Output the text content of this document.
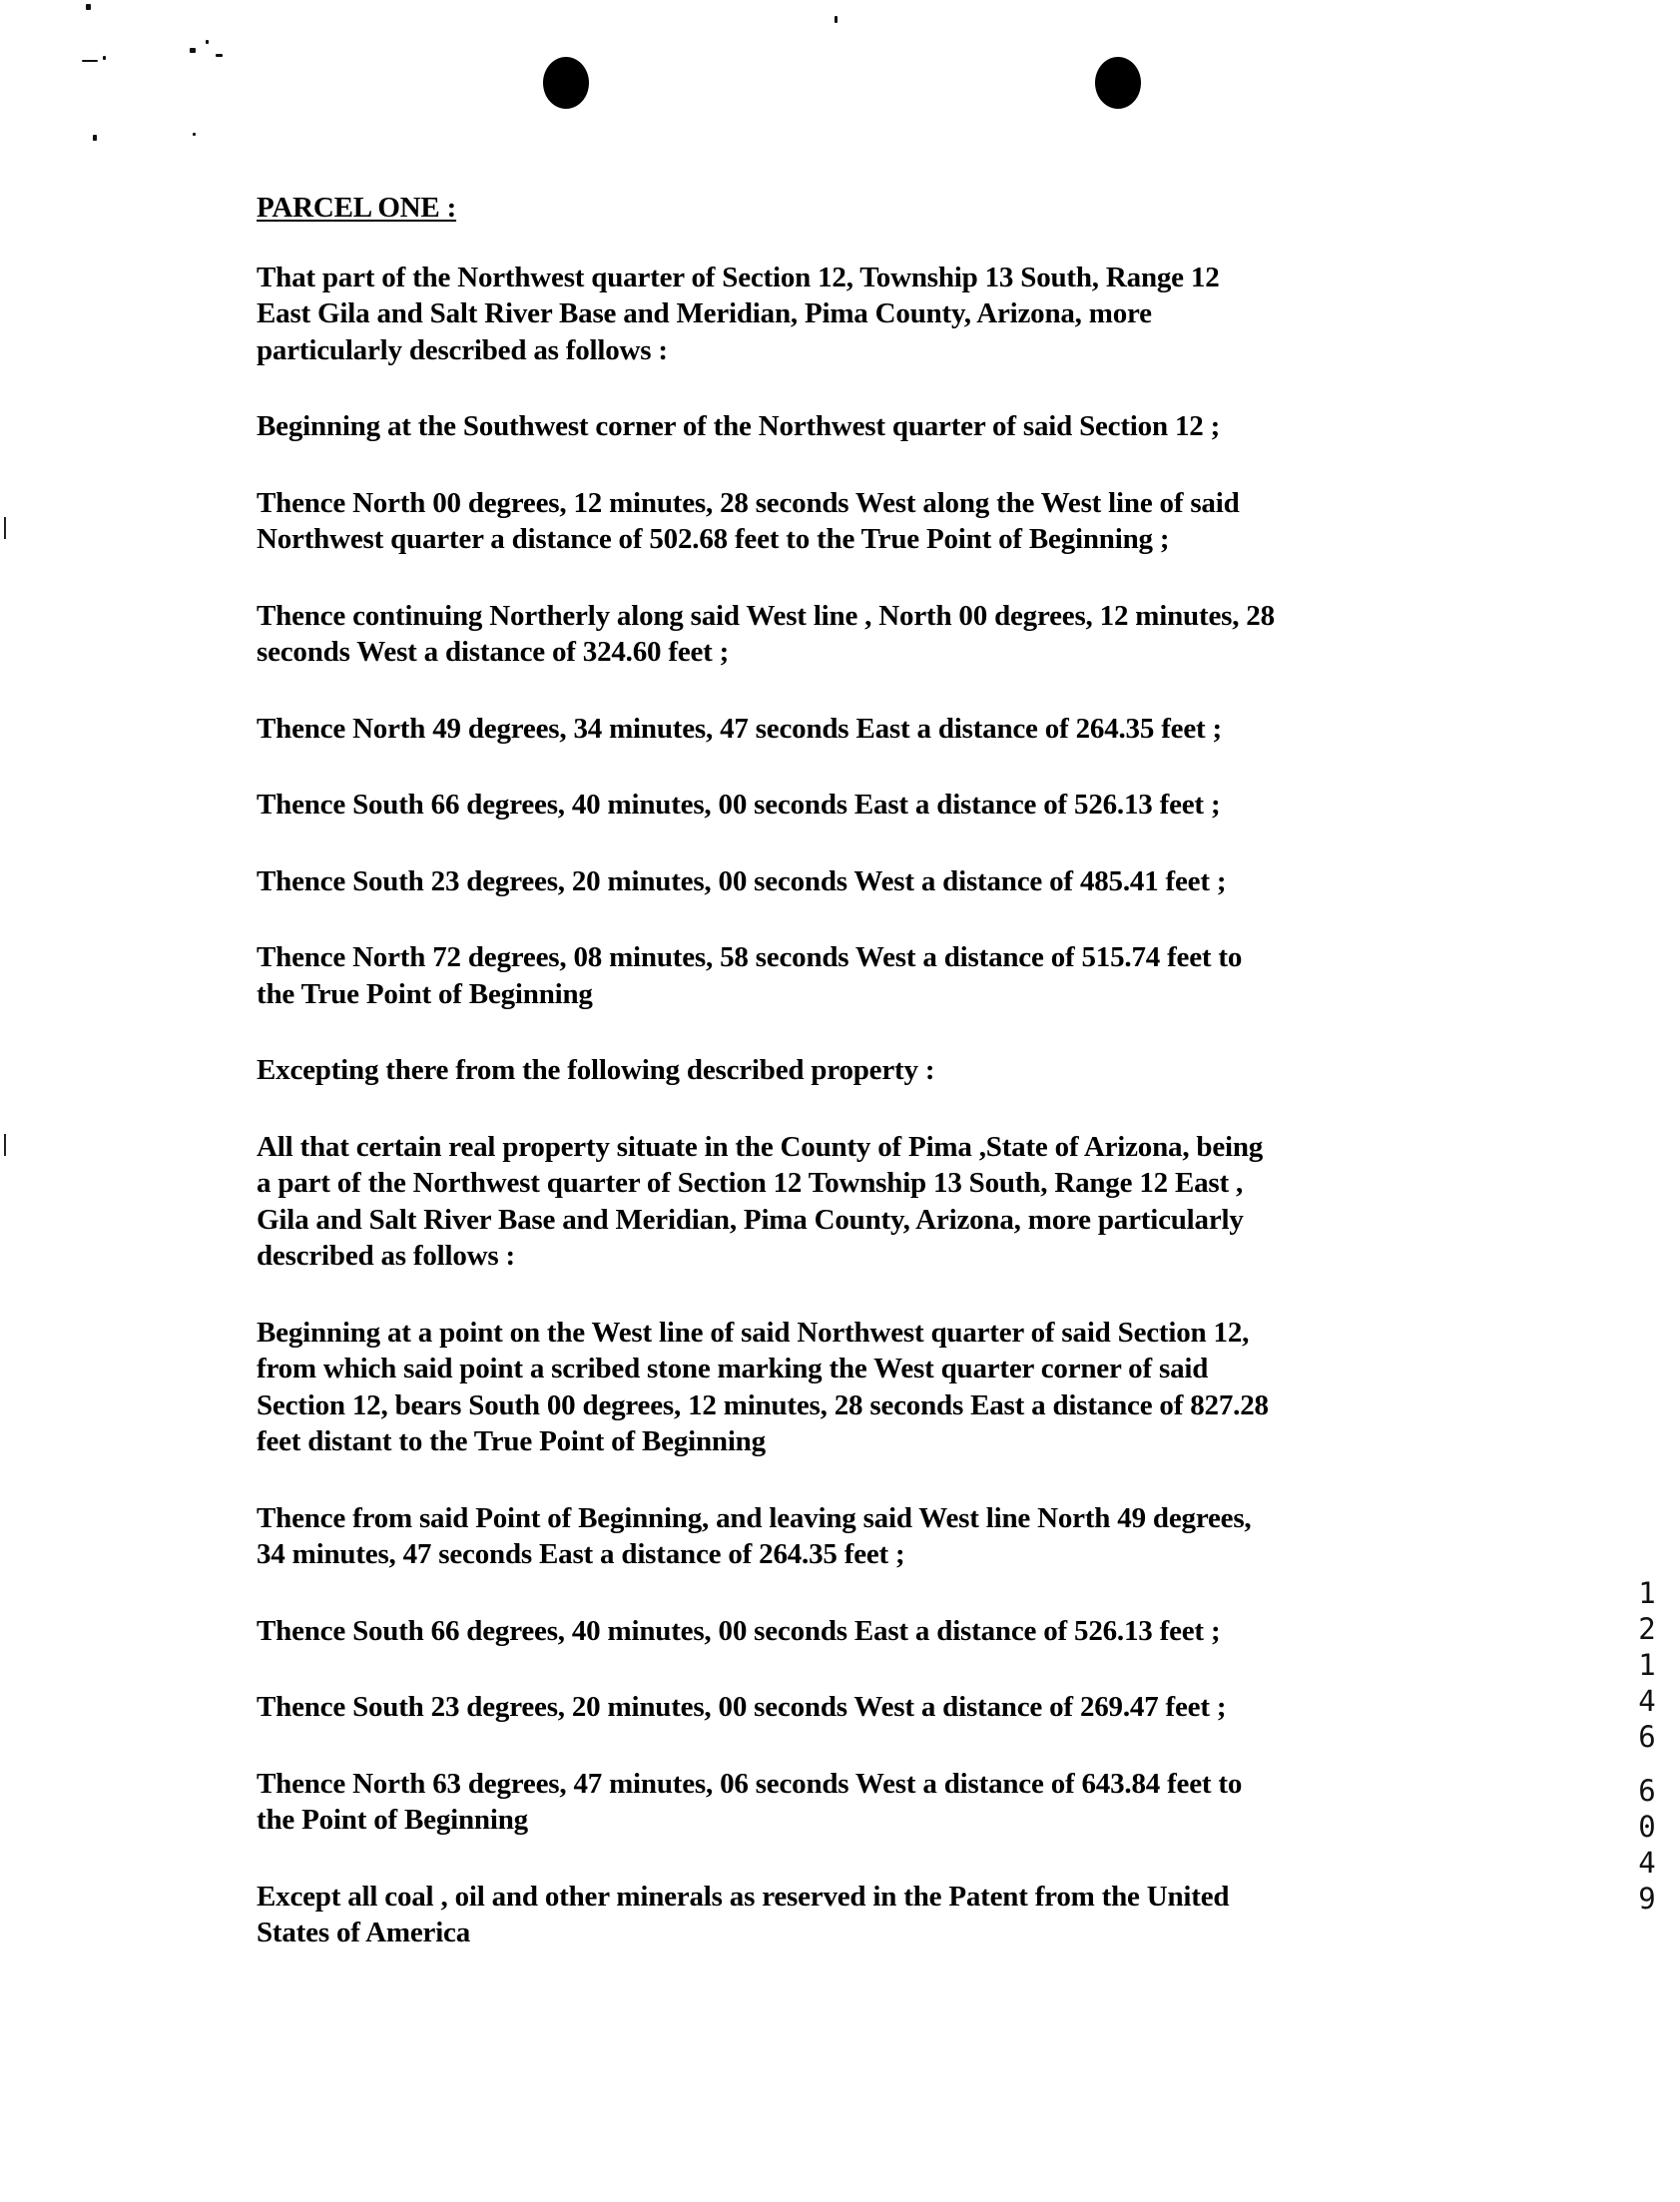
PARCEL ONE :
That part of the Northwest quarter of Section 12, Township 13 South, Range 12
East Gila and Salt River Base and Meridian, Pima County, Arizona, more
particularly described as follows :
Beginning at the Southwest corner of the Northwest quarter of said Section 12 ;
Thence North 00 degrees, 12 minutes, 28 seconds West along the West line of said
Northwest quarter a distance of 502.68 feet to the True Point of Beginning ;
Thence continuing Northerly along said West line , North 00 degrees, 12 minutes, 28
seconds West a distance of 324.60 feet ;
Thence North 49 degrees, 34 minutes, 47 seconds East a distance of 264.35 feet ;
Thence South 66 degrees, 40 minutes, 00 seconds East a distance of 526.13 feet ;
Thence South 23 degrees, 20 minutes, 00 seconds West a distance of 485.41 feet ;
Thence North 72 degrees, 08 minutes, 58 seconds West a distance of 515.74 feet to
the True Point of Beginning
Excepting there from the following described property :
All that certain real property situate in the County of Pima ,State of Arizona, being
a part of the Northwest quarter of Section 12 Township 13 South, Range 12 East ,
Gila and Salt River Base and Meridian, Pima County, Arizona, more particularly
described as follows :
Beginning at a point on the West line of said Northwest quarter of said Section 12,
from which said point a scribed stone marking the West quarter corner of said
Section 12, bears South 00 degrees, 12 minutes, 28 seconds East a distance of 827.28
feet distant to the True Point of Beginning
Thence from said Point of Beginning, and leaving said West line North 49 degrees,
34 minutes, 47 seconds East a distance of 264.35 feet ;
Thence South 66 degrees, 40 minutes, 00 seconds East a distance of 526.13 feet ;
Thence South 23 degrees, 20 minutes, 00 seconds West a distance of 269.47 feet ;
Thence North 63 degrees, 47 minutes, 06 seconds West a distance of 643.84 feet to
the Point of Beginning
Except all coal , oil and other minerals as reserved in the Patent from the United
States of America
1
2
1
4
6
6
0
4
9
